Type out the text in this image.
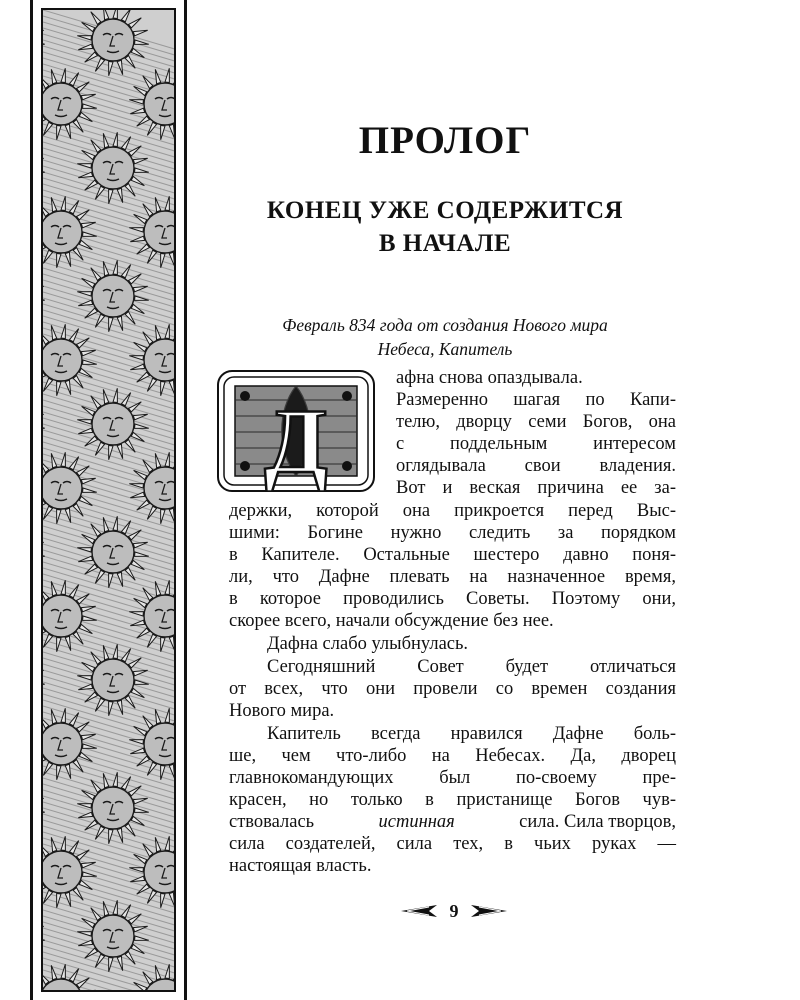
ПРОЛОГ
КОНЕЦ УЖЕ СОДЕРЖИТСЯ
В НАЧАЛЕ

Февраль 834 года от создания Нового мира
Небеса, Капитель

Д

афна снова опаздывала.

Размеренно шагая по Капи-

телю, дворцу семи Богов, она

с поддельным интересом

оглядывала свои владения.

Вот и веская причина ее за-

держки, которой она прикроется перед Выс-

шими: Богине нужно следить за порядком

в Капителе. Остальные шестеро давно поня-

ли, что Дафне плевать на назначенное время,

в которое проводились Советы. Поэтому они,

скорее всего, начали обсуждение без нее.

Дафна слабо улыбнулась.

Сегодняшний Совет будет отличаться

от всех, что они провели со времен создания

Нового мира.

Капитель всегда нравился Дафне боль-

ше, чем что-либо на Небесах. Да, дворец

главнокомандующих был по-своему пре-

красен, но только в пристанище Богов чув-

ствовалась	истинная	сила. Сила творцов,

сила создателей, сила тех, в чьих руках —

настоящая власть.

9
